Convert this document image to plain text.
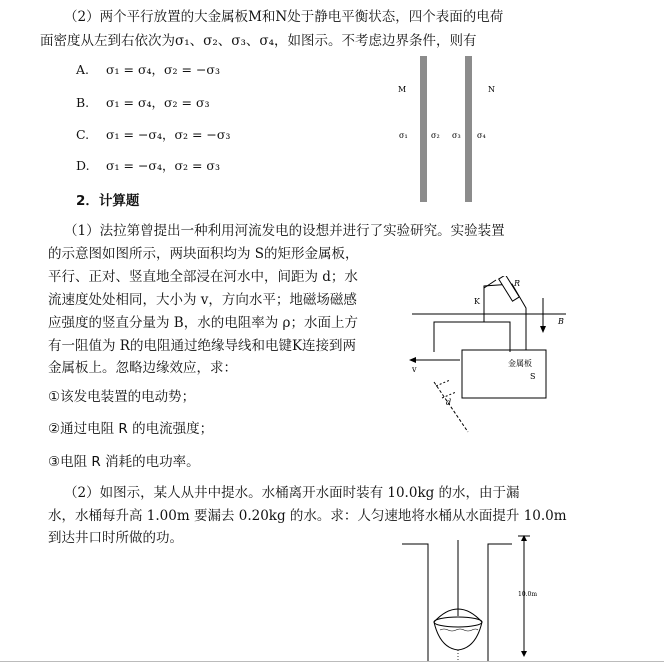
（2）两个平行放置的大金属板M和N处于静电平衡状态，四个表面的电荷
面密度从左到右依次为σ₁、σ₂、σ₃、σ₄，如图示。不考虑边界条件，则有
A. σ₁ = σ₄，σ₂ = −σ₃
B. σ₁ = σ₄，σ₂ = σ₃
C. σ₁ = −σ₄，σ₂ = −σ₃
D. σ₁ = −σ₄，σ₂ = σ₃
M	N
σ₁	σ₂ σ₃ σ₄
2．计算题
（1）法拉第曾提出一种利用河流发电的设想并进行了实验研究。实验装置
的示意图如图所示，两块面积均为 S的矩形金属板，
平行、正对、竖直地全部浸在河水中，间距为 d；水
流速度处处相同，大小为 v，方向水平；地磁场磁感
应强度的竖直分量为 B，水的电阻率为 ρ；水面上方
有一阻值为 R的电阻通过绝缘导线和电键K连接到两
金属板上。忽略边缘效应，求：
①该发电装置的电动势；
②通过电阻 R 的电流强度；
③电阻 R 消耗的电功率。
K
R
B
v
金属板
S
d
（2）如图示，某人从井中提水。水桶离开水面时装有 10.0kg 的水，由于漏
水，水桶每升高 1.00m 要漏去 0.20kg 的水。求：人匀速地将水桶从水面提升 10.0m
到达井口时所做的功。
10.0m
